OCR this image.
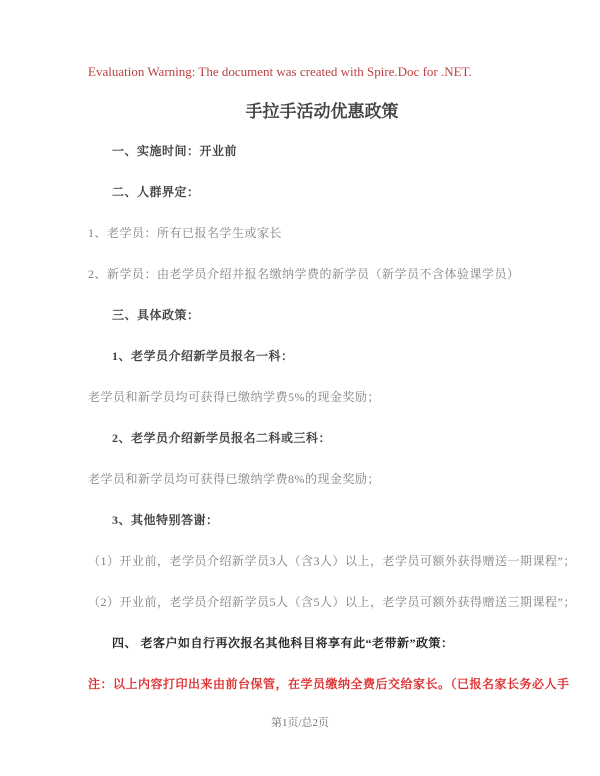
Evaluation Warning: The document was created with Spire.Doc for .NET.

手拉手活动优惠政策

一、实施时间：开业前

二、人群界定：

1、老学员：所有已报名学生或家长

2、新学员：由老学员介绍并报名缴纳学费的新学员（新学员不含体验课学员）

三、具体政策：

1、老学员介绍新学员报名一科：

老学员和新学员均可获得已缴纳学费5%的现金奖励；

2、老学员介绍新学员报名二科或三科：

老学员和新学员均可获得已缴纳学费8%的现金奖励；

3、其他特别答谢：

（1）开业前，老学员介绍新学员3人（含3人）以上，老学员可额外获得赠送一期课程”；

（2）开业前，老学员介绍新学员5人（含5人）以上，老学员可额外获得赠送三期课程”；

四、 老客户如自行再次报名其他科目将享有此“老带新”政策：

注：以上内容打印出来由前台保管，在学员缴纳全费后交给家长。（已报名家长务必人手

第1页/总2页
